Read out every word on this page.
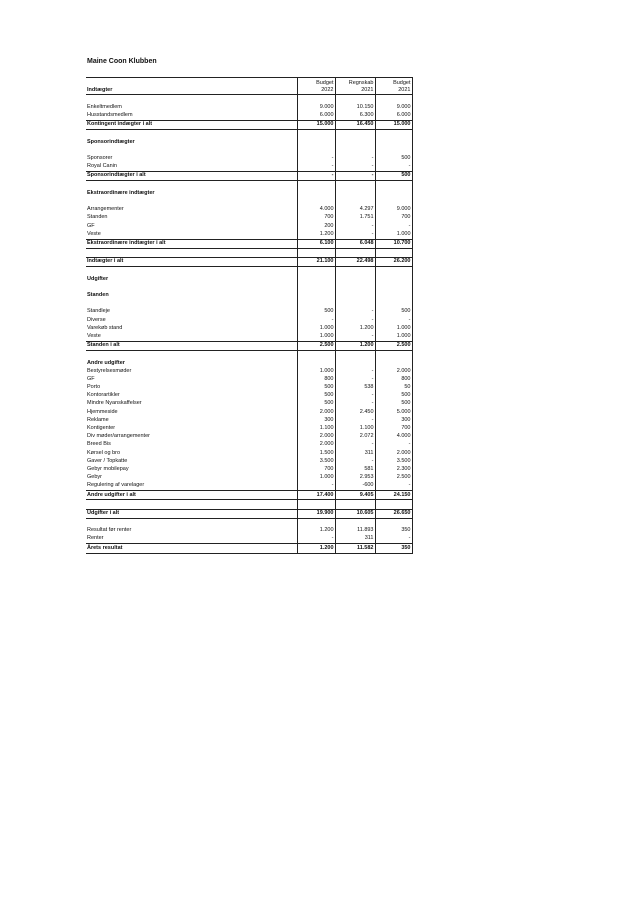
Maine Coon Klubben
	Budget	Regnskab	Budget
Indtægter	2022	2021	2021

Enkeltmedlem	9.000	10.150	9.000
Husstandsmedlem	6.000	6.300	6.000
Kontingent indægter i alt	15.000	16.450	15.000

Sponsorindtægter			

Sponsorer	-	-	500
Royal Canin	-	-	-
Sponsorindtægter i alt	-	-	500

Ekstraordinære indtægter			

Arrangementer	4.000	4.297	9.000
Standen	700	1.751	700
GF	200	-	-
Veste	1.200	-	1.000
Ekstraordinære indtægter i alt	6.100	6.048	10.700

Indtægter i alt	21.100	22.498	26.200

Udgifter			

Standen			

Standleje	500	-	500
Diverse	-	-	-
Varekøb stand	1.000	1.200	1.000
Veste	1.000	-	1.000
Standen i alt	2.500	1.200	2.500

Andre udgifter			
Bestyrelsesmøder	1.000	-	2.000
GF	800	-	800
Porto	500	538	50
Kontorartikler	500	-	500
Mindre Nyanskaffelser	500	-	500
Hjemmeside	2.000	2.450	5.000
Reklame	300	-	300
Kontigenter	1.100	1.100	700
Div møder/arrangementer	2.000	2.072	4.000
Breed Bis	2.000	-	-
Kørsel og bro	1.500	311	2.000
Gaver / Topkatte	3.500	-	3.500
Gebyr mobilepay	700	581	2.300
Gebyr	1.000	2.953	2.500
Regulering af varelager	-	-600	-
Andre udgifter i alt	17.400	9.405	24.150

Udgifter i alt	19.900	10.605	26.650

Resultat før renter	1.200	11.893	350
Renter	-	311	-
Årets resultat	1.200	11.582	350
